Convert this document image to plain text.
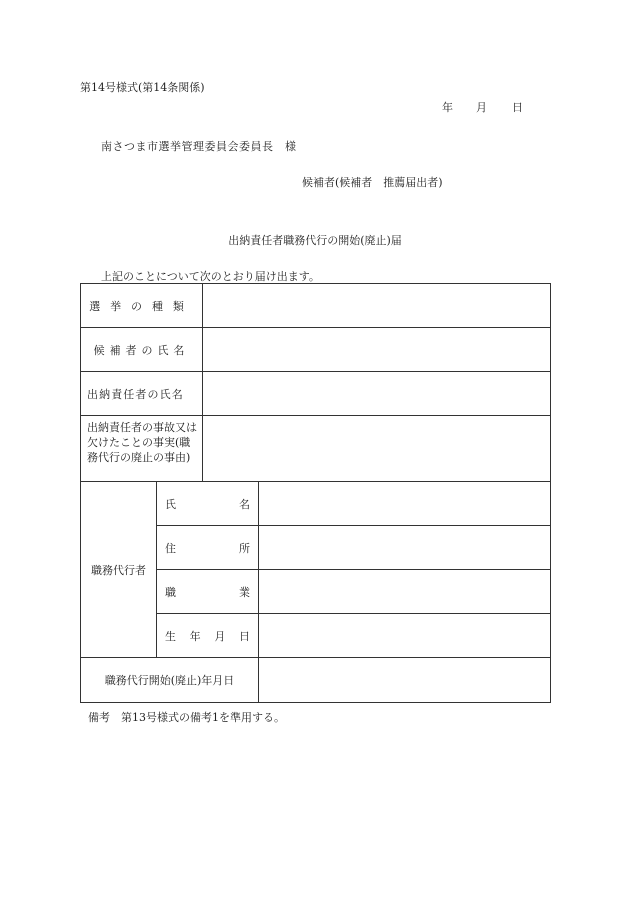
第14号様式(第14条関係)
年 月 日
南さつま市選挙管理委員会委員長　様
候補者(候補者　推薦届出者)
出納責任者職務代行の開始(廃止)届
上記のことについて次のとおり届け出ます。
選挙の種類			
候補者の氏名			
出納責任者の氏名			
出納責任者の事故又は欠けたことの事実(職務代行の廃止の事由)			
職務代行者	氏 名		

	住 所		

	職 業		

	生 年 月 日		

職務代行開始(廃止)年月日			
備考　第13号様式の備考1を準用する。
